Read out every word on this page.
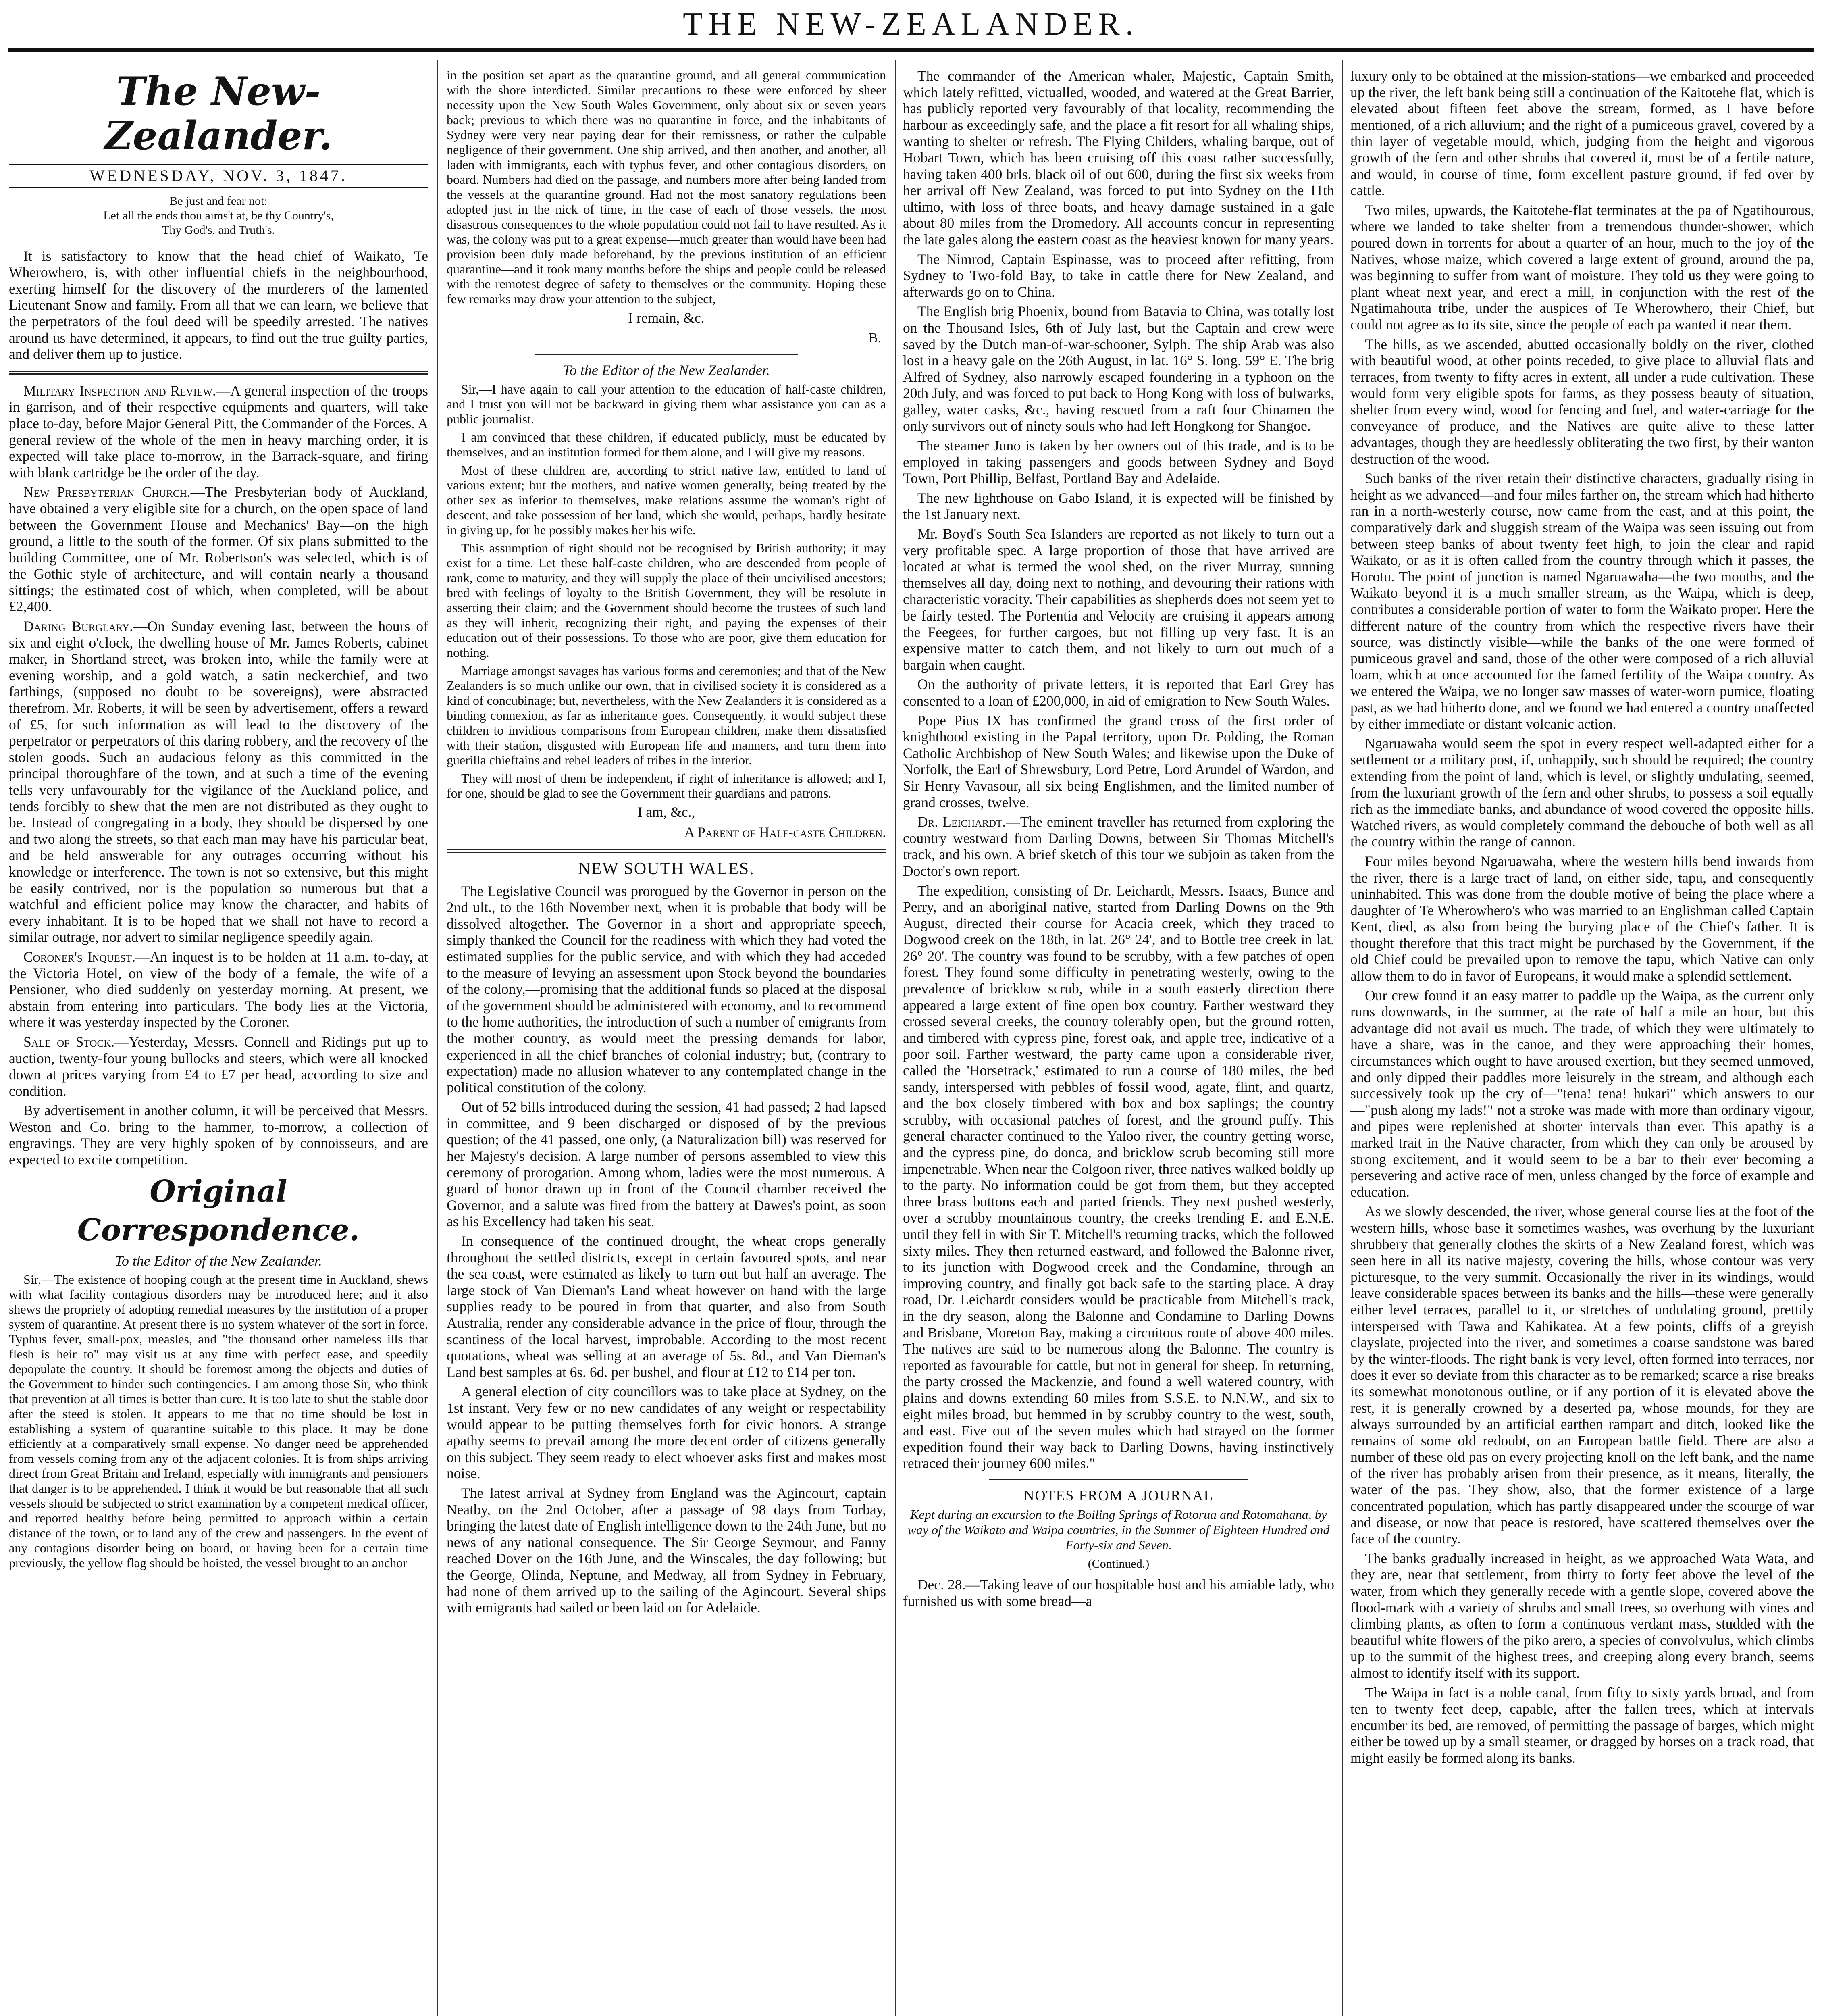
THE NEW-ZEALANDER.
The New-Zealander.
WEDNESDAY, NOV. 3, 1847.
Be just and fear not:
Let all the ends thou aims't at, be thy Country's,
Thy God's, and Truth's.

It is satisfactory to know that the head chief of Waikato, Te Wherowhero, is, with other influential chiefs in the neighbourhood, exerting himself for the discovery of the murderers of the lamented Lieutenant Snow and family. From all that we can learn, we believe that the perpetrators of the foul deed will be speedily arrested. The natives around us have determined, it appears, to find out the true guilty parties, and deliver them up to justice.

Military Inspection and Review.—A general inspection of the troops in garrison, and of their respective equipments and quarters, will take place to-day, before Major General Pitt, the Commander of the Forces. A general review of the whole of the men in heavy marching order, it is expected will take place to-morrow, in the Barrack-square, and firing with blank cartridge be the order of the day.

New Presbyterian Church.—The Presbyterian body of Auckland, have obtained a very eligible site for a church, on the open space of land between the Government House and Mechanics' Bay—on the high ground, a little to the south of the former. Of six plans submitted to the building Committee, one of Mr. Robertson's was selected, which is of the Gothic style of architecture, and will contain nearly a thousand sittings; the estimated cost of which, when completed, will be about £2,400.

Daring Burglary.—On Sunday evening last, between the hours of six and eight o'clock, the dwelling house of Mr. James Roberts, cabinet maker, in Shortland street, was broken into, while the family were at evening worship, and a gold watch, a satin neckerchief, and two farthings, (supposed no doubt to be sovereigns), were abstracted therefrom. Mr. Roberts, it will be seen by advertisement, offers a reward of £5, for such information as will lead to the discovery of the perpetrator or perpetrators of this daring robbery, and the recovery of the stolen goods. Such an audacious felony as this committed in the principal thoroughfare of the town, and at such a time of the evening tells very unfavourably for the vigilance of the Auckland police, and tends forcibly to shew that the men are not distributed as they ought to be. Instead of congregating in a body, they should be dispersed by one and two along the streets, so that each man may have his particular beat, and be held answerable for any outrages occurring without his knowledge or interference. The town is not so extensive, but this might be easily contrived, nor is the population so numerous but that a watchful and efficient police may know the character, and habits of every inhabitant. It is to be hoped that we shall not have to record a similar outrage, nor advert to similar negligence speedily again.

Coroner's Inquest.—An inquest is to be holden at 11 a.m. to-day, at the Victoria Hotel, on view of the body of a female, the wife of a Pensioner, who died suddenly on yesterday morning. At present, we abstain from entering into particulars. The body lies at the Victoria, where it was yesterday inspected by the Coroner.

Sale of Stock.—Yesterday, Messrs. Connell and Ridings put up to auction, twenty-four young bullocks and steers, which were all knocked down at prices varying from £4 to £7 per head, according to size and condition.

By advertisement in another column, it will be perceived that Messrs. Weston and Co. bring to the hammer, to-morrow, a collection of engravings. They are very highly spoken of by connoisseurs, and are expected to excite competition.

Original Correspondence.
To the Editor of the New Zealander.

Sir,—The existence of hooping cough at the present time in Auckland, shews with what facility contagious disorders may be introduced here; and it also shews the propriety of adopting remedial measures by the institution of a proper system of quarantine. At present there is no system whatever of the sort in force. Typhus fever, small-pox, measles, and "the thousand other nameless ills that flesh is heir to" may visit us at any time with perfect ease, and speedily depopulate the country. It should be foremost among the objects and duties of the Government to hinder such contingencies. I am among those Sir, who think that prevention at all times is better than cure. It is too late to shut the stable door after the steed is stolen. It appears to me that no time should be lost in establishing a system of quarantine suitable to this place. It may be done efficiently at a comparatively small expense. No danger need be apprehended from vessels coming from any of the adjacent colonies. It is from ships arriving direct from Great Britain and Ireland, especially with immigrants and pensioners that danger is to be apprehended. I think it would be but reasonable that all such vessels should be subjected to strict examination by a competent medical officer, and reported healthy before being permitted to approach within a certain distance of the town, or to land any of the crew and passengers. In the event of any contagious disorder being on board, or having been for a certain time previously, the yellow flag should be hoisted, the vessel brought to an anchor

in the position set apart as the quarantine ground, and all general communication with the shore interdicted. Similar precautions to these were enforced by sheer necessity upon the New South Wales Government, only about six or seven years back; previous to which there was no quarantine in force, and the inhabitants of Sydney were very near paying dear for their remissness, or rather the culpable negligence of their government. One ship arrived, and then another, and another, all laden with immigrants, each with typhus fever, and other contagious disorders, on board. Numbers had died on the passage, and numbers more after being landed from the vessels at the quarantine ground. Had not the most sanatory regulations been adopted just in the nick of time, in the case of each of those vessels, the most disastrous consequences to the whole population could not fail to have resulted. As it was, the colony was put to a great expense—much greater than would have been had provision been duly made beforehand, by the previous institution of an efficient quarantine—and it took many months before the ships and people could be released with the remotest degree of safety to themselves or the community. Hoping these few remarks may draw your attention to the subject,

I remain, &c.
B.
To the Editor of the New Zealander.

Sir,—I have again to call your attention to the education of half-caste children, and I trust you will not be backward in giving them what assistance you can as a public journalist.

I am convinced that these children, if educated publicly, must be educated by themselves, and an institution formed for them alone, and I will give my reasons.

Most of these children are, according to strict native law, entitled to land of various extent; but the mothers, and native women generally, being treated by the other sex as inferior to themselves, make relations assume the woman's right of descent, and take possession of her land, which she would, perhaps, hardly hesitate in giving up, for he possibly makes her his wife.

This assumption of right should not be recognised by British authority; it may exist for a time. Let these half-caste children, who are descended from people of rank, come to maturity, and they will supply the place of their uncivilised ancestors; bred with feelings of loyalty to the British Government, they will be resolute in asserting their claim; and the Government should become the trustees of such land as they will inherit, recognizing their right, and paying the expenses of their education out of their possessions. To those who are poor, give them education for nothing.

Marriage amongst savages has various forms and ceremonies; and that of the New Zealanders is so much unlike our own, that in civilised society it is considered as a kind of concubinage; but, nevertheless, with the New Zealanders it is considered as a binding connexion, as far as inheritance goes. Consequently, it would subject these children to invidious comparisons from European children, make them dissatisfied with their station, disgusted with European life and manners, and turn them into guerilla chieftains and rebel leaders of tribes in the interior.

They will most of them be independent, if right of inheritance is allowed; and I, for one, should be glad to see the Government their guardians and patrons.

I am, &c.,
A Parent of Half-caste Children.
NEW SOUTH WALES.

The Legislative Council was prorogued by the Governor in person on the 2nd ult., to the 16th November next, when it is probable that body will be dissolved altogether. The Governor in a short and appropriate speech, simply thanked the Council for the readiness with which they had voted the estimated supplies for the public service, and with which they had acceded to the measure of levying an assessment upon Stock beyond the boundaries of the colony,—promising that the additional funds so placed at the disposal of the government should be administered with economy, and to recommend to the home authorities, the introduction of such a number of emigrants from the mother country, as would meet the pressing demands for labor, experienced in all the chief branches of colonial industry; but, (contrary to expectation) made no allusion whatever to any contemplated change in the political constitution of the colony.

Out of 52 bills introduced during the session, 41 had passed; 2 had lapsed in committee, and 9 been discharged or disposed of by the previous question; of the 41 passed, one only, (a Naturalization bill) was reserved for her Majesty's decision. A large number of persons assembled to view this ceremony of prorogation. Among whom, ladies were the most numerous. A guard of honor drawn up in front of the Council chamber received the Governor, and a salute was fired from the battery at Dawes's point, as soon as his Excellency had taken his seat.

In consequence of the continued drought, the wheat crops generally throughout the settled districts, except in certain favoured spots, and near the sea coast, were estimated as likely to turn out but half an average. The large stock of Van Dieman's Land wheat however on hand with the large supplies ready to be poured in from that quarter, and also from South Australia, render any considerable advance in the price of flour, through the scantiness of the local harvest, improbable. According to the most recent quotations, wheat was selling at an average of 5s. 8d., and Van Dieman's Land best samples at 6s. 6d. per bushel, and flour at £12 to £14 per ton.

A general election of city councillors was to take place at Sydney, on the 1st instant. Very few or no new candidates of any weight or respectability would appear to be putting themselves forth for civic honors. A strange apathy seems to prevail among the more decent order of citizens generally on this subject. They seem ready to elect whoever asks first and makes most noise.

The latest arrival at Sydney from England was the Agincourt, captain Neatby, on the 2nd October, after a passage of 98 days from Torbay, bringing the latest date of English intelligence down to the 24th June, but no news of any national consequence. The Sir George Seymour, and Fanny reached Dover on the 16th June, and the Winscales, the day following; but the George, Olinda, Neptune, and Medway, all from Sydney in February, had none of them arrived up to the sailing of the Agincourt. Several ships with emigrants had sailed or been laid on for Adelaide.

The commander of the American whaler, Majestic, Captain Smith, which lately refitted, victualled, wooded, and watered at the Great Barrier, has publicly reported very favourably of that locality, recommending the harbour as exceedingly safe, and the place a fit resort for all whaling ships, wanting to shelter or refresh. The Flying Childers, whaling barque, out of Hobart Town, which has been cruising off this coast rather successfully, having taken 400 brls. black oil of out 600, during the first six weeks from her arrival off New Zealand, was forced to put into Sydney on the 11th ultimo, with loss of three boats, and heavy damage sustained in a gale about 80 miles from the Dromedory. All accounts concur in representing the late gales along the eastern coast as the heaviest known for many years.

The Nimrod, Captain Espinasse, was to proceed after refitting, from Sydney to Two-fold Bay, to take in cattle there for New Zealand, and afterwards go on to China.

The English brig Phoenix, bound from Batavia to China, was totally lost on the Thousand Isles, 6th of July last, but the Captain and crew were saved by the Dutch man-of-war-schooner, Sylph. The ship Arab was also lost in a heavy gale on the 26th August, in lat. 16° S. long. 59° E. The brig Alfred of Sydney, also narrowly escaped foundering in a typhoon on the 20th July, and was forced to put back to Hong Kong with loss of bulwarks, galley, water casks, &c., having rescued from a raft four Chinamen the only survivors out of ninety souls who had left Hongkong for Shangoe.

The steamer Juno is taken by her owners out of this trade, and is to be employed in taking passengers and goods between Sydney and Boyd Town, Port Phillip, Belfast, Portland Bay and Adelaide.

The new lighthouse on Gabo Island, it is expected will be finished by the 1st January next.

Mr. Boyd's South Sea Islanders are reported as not likely to turn out a very profitable spec. A large proportion of those that have arrived are located at what is termed the wool shed, on the river Murray, sunning themselves all day, doing next to nothing, and devouring their rations with characteristic voracity. Their capabilities as shepherds does not seem yet to be fairly tested. The Portentia and Velocity are cruising it appears among the Feegees, for further cargoes, but not filling up very fast. It is an expensive matter to catch them, and not likely to turn out much of a bargain when caught.

On the authority of private letters, it is reported that Earl Grey has consented to a loan of £200,000, in aid of emigration to New South Wales.

Pope Pius IX has confirmed the grand cross of the first order of knighthood existing in the Papal territory, upon Dr. Polding, the Roman Catholic Archbishop of New South Wales; and likewise upon the Duke of Norfolk, the Earl of Shrewsbury, Lord Petre, Lord Arundel of Wardon, and Sir Henry Vavasour, all six being Englishmen, and the limited number of grand crosses, twelve.

Dr. Leichardt.—The eminent traveller has returned from exploring the country westward from Darling Downs, between Sir Thomas Mitchell's track, and his own. A brief sketch of this tour we subjoin as taken from the Doctor's own report.

The expedition, consisting of Dr. Leichardt, Messrs. Isaacs, Bunce and Perry, and an aboriginal native, started from Darling Downs on the 9th August, directed their course for Acacia creek, which they traced to Dogwood creek on the 18th, in lat. 26° 24', and to Bottle tree creek in lat. 26° 20'. The country was found to be scrubby, with a few patches of open forest. They found some difficulty in penetrating westerly, owing to the prevalence of bricklow scrub, while in a south easterly direction there appeared a large extent of fine open box country. Farther westward they crossed several creeks, the country tolerably open, but the ground rotten, and timbered with cypress pine, forest oak, and apple tree, indicative of a poor soil. Farther westward, the party came upon a considerable river, called the 'Horsetrack,' estimated to run a course of 180 miles, the bed sandy, interspersed with pebbles of fossil wood, agate, flint, and quartz, and the box closely timbered with box and box saplings; the country scrubby, with occasional patches of forest, and the ground puffy. This general character continued to the Yaloo river, the country getting worse, and the cypress pine, do donca, and bricklow scrub becoming still more impenetrable. When near the Colgoon river, three natives walked boldly up to the party. No information could be got from them, but they accepted three brass buttons each and parted friends. They next pushed westerly, over a scrubby mountainous country, the creeks trending E. and E.N.E. until they fell in with Sir T. Mitchell's returning tracks, which the followed sixty miles. They then returned eastward, and followed the Balonne river, to its junction with Dogwood creek and the Condamine, through an improving country, and finally got back safe to the starting place. A dray road, Dr. Leichardt considers would be practicable from Mitchell's track, in the dry season, along the Balonne and Condamine to Darling Downs and Brisbane, Moreton Bay, making a circuitous route of above 400 miles. The natives are said to be numerous along the Balonne. The country is reported as favourable for cattle, but not in general for sheep. In returning, the party crossed the Mackenzie, and found a well watered country, with plains and downs extending 60 miles from S.S.E. to N.N.W., and six to eight miles broad, but hemmed in by scrubby country to the west, south, and east. Five out of the seven mules which had strayed on the former expedition found their way back to Darling Downs, having instinctively retraced their journey 600 miles."

NOTES FROM A JOURNAL
Kept during an excursion to the Boiling Springs of Rotorua and Rotomahana, by way of the Waikato and Waipa countries, in the Summer of Eighteen Hundred and Forty-six and Seven.
(Continued.)

Dec. 28.—Taking leave of our hospitable host and his amiable lady, who furnished us with some bread—a

luxury only to be obtained at the mission-stations—we embarked and proceeded up the river, the left bank being still a continuation of the Kaitotehe flat, which is elevated about fifteen feet above the stream, formed, as I have before mentioned, of a rich alluvium; and the right of a pumiceous gravel, covered by a thin layer of vegetable mould, which, judging from the height and vigorous growth of the fern and other shrubs that covered it, must be of a fertile nature, and would, in course of time, form excellent pasture ground, if fed over by cattle.

Two miles, upwards, the Kaitotehe-flat terminates at the pa of Ngatihourous, where we landed to take shelter from a tremendous thunder-shower, which poured down in torrents for about a quarter of an hour, much to the joy of the Natives, whose maize, which covered a large extent of ground, around the pa, was beginning to suffer from want of moisture. They told us they were going to plant wheat next year, and erect a mill, in conjunction with the rest of the Ngatimahouta tribe, under the auspices of Te Wherowhero, their Chief, but could not agree as to its site, since the people of each pa wanted it near them.

The hills, as we ascended, abutted occasionally boldly on the river, clothed with beautiful wood, at other points receded, to give place to alluvial flats and terraces, from twenty to fifty acres in extent, all under a rude cultivation. These would form very eligible spots for farms, as they possess beauty of situation, shelter from every wind, wood for fencing and fuel, and water-carriage for the conveyance of produce, and the Natives are quite alive to these latter advantages, though they are heedlessly obliterating the two first, by their wanton destruction of the wood.

Such banks of the river retain their distinctive characters, gradually rising in height as we advanced—and four miles farther on, the stream which had hitherto ran in a north-westerly course, now came from the east, and at this point, the comparatively dark and sluggish stream of the Waipa was seen issuing out from between steep banks of about twenty feet high, to join the clear and rapid Waikato, or as it is often called from the country through which it passes, the Horotu. The point of junction is named Ngaruawaha—the two mouths, and the Waikato beyond it is a much smaller stream, as the Waipa, which is deep, contributes a considerable portion of water to form the Waikato proper. Here the different nature of the country from which the respective rivers have their source, was distinctly visible—while the banks of the one were formed of pumiceous gravel and sand, those of the other were composed of a rich alluvial loam, which at once accounted for the famed fertility of the Waipa country. As we entered the Waipa, we no longer saw masses of water-worn pumice, floating past, as we had hitherto done, and we found we had entered a country unaffected by either immediate or distant volcanic action.

Ngaruawaha would seem the spot in every respect well-adapted either for a settlement or a military post, if, unhappily, such should be required; the country extending from the point of land, which is level, or slightly undulating, seemed, from the luxuriant growth of the fern and other shrubs, to possess a soil equally rich as the immediate banks, and abundance of wood covered the opposite hills. Watched rivers, as would completely command the debouche of both well as all the country within the range of cannon.

Four miles beyond Ngaruawaha, where the western hills bend inwards from the river, there is a large tract of land, on either side, tapu, and consequently uninhabited. This was done from the double motive of being the place where a daughter of Te Wherowhero's who was married to an Englishman called Captain Kent, died, as also from being the burying place of the Chief's father. It is thought therefore that this tract might be purchased by the Government, if the old Chief could be prevailed upon to remove the tapu, which Native can only allow them to do in favor of Europeans, it would make a splendid settlement.

Our crew found it an easy matter to paddle up the Waipa, as the current only runs downwards, in the summer, at the rate of half a mile an hour, but this advantage did not avail us much. The trade, of which they were ultimately to have a share, was in the canoe, and they were approaching their homes, circumstances which ought to have aroused exertion, but they seemed unmoved, and only dipped their paddles more leisurely in the stream, and although each successively took up the cry of—"tena! tena! hukari" which answers to our—"push along my lads!" not a stroke was made with more than ordinary vigour, and pipes were replenished at shorter intervals than ever. This apathy is a marked trait in the Native character, from which they can only be aroused by strong excitement, and it would seem to be a bar to their ever becoming a persevering and active race of men, unless changed by the force of example and education.

As we slowly descended, the river, whose general course lies at the foot of the western hills, whose base it sometimes washes, was overhung by the luxuriant shrubbery that generally clothes the skirts of a New Zealand forest, which was seen here in all its native majesty, covering the hills, whose contour was very picturesque, to the very summit. Occasionally the river in its windings, would leave considerable spaces between its banks and the hills—these were generally either level terraces, parallel to it, or stretches of undulating ground, prettily interspersed with Tawa and Kahikatea. At a few points, cliffs of a greyish clayslate, projected into the river, and sometimes a coarse sandstone was bared by the winter-floods. The right bank is very level, often formed into terraces, nor does it ever so deviate from this character as to be remarked; scarce a rise breaks its somewhat monotonous outline, or if any portion of it is elevated above the rest, it is generally crowned by a deserted pa, whose mounds, for they are always surrounded by an artificial earthen rampart and ditch, looked like the remains of some old redoubt, on an European battle field. There are also a number of these old pas on every projecting knoll on the left bank, and the name of the river has probably arisen from their presence, as it means, literally, the water of the pas. They show, also, that the former existence of a large concentrated population, which has partly disappeared under the scourge of war and disease, or now that peace is restored, have scattered themselves over the face of the country.

The banks gradually increased in height, as we approached Wata Wata, and they are, near that settlement, from thirty to forty feet above the level of the water, from which they generally recede with a gentle slope, covered above the flood-mark with a variety of shrubs and small trees, so overhung with vines and climbing plants, as often to form a continuous verdant mass, studded with the beautiful white flowers of the piko arero, a species of convolvulus, which climbs up to the summit of the highest trees, and creeping along every branch, seems almost to identify itself with its support.

The Waipa in fact is a noble canal, from fifty to sixty yards broad, and from ten to twenty feet deep, capable, after the fallen trees, which at intervals encumber its bed, are removed, of permitting the passage of barges, which might either be towed up by a small steamer, or dragged by horses on a track road, that might easily be formed along its banks.
